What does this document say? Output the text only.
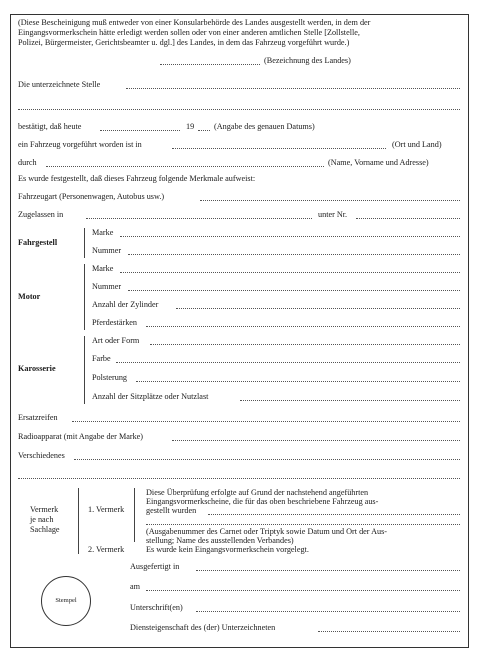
(Diese Bescheinigung muß entweder von einer Konsularbehörde des Landes ausgestellt werden, in dem der
Eingangsvormerkschein hätte erledigt werden sollen oder von einer anderen amtlichen Stelle [Zollstelle,
Polizei, Bürgermeister, Gerichtsbeamter u. dgl.] des Landes, in dem das Fahrzeug vorgeführt wurde.)
(Bezeichnung des Landes)
Die unterzeichnete Stelle
bestätigt, daß heute	19 (Angabe des genauen Datums)
ein Fahrzeug vorgeführt worden ist in	(Ort und Land)
durch	(Name, Vorname und Adresse)
Es wurde festgestellt, daß dieses Fahrzeug folgende Merkmale aufweist:
Fahrzeugart (Personenwagen, Autobus usw.)
Zugelassen in	unter Nr.
Fahrgestell
Marke
Nummer
Motor
Marke
Nummer
Anzahl der Zylinder
Pferdestärken
Karosserie
Art oder Form
Farbe
Polsterung
Anzahl der Sitzplätze oder Nutzlast
Ersatzreifen
Radioapparat (mit Angabe der Marke)
Verschiedenes
Vermerk
je nach
Sachlage
1. Vermerk
Diese Überprüfung erfolgte auf Grund der nachstehend angeführten
Eingangsvormerkscheine, die für das oben beschriebene Fahrzeug aus-
gestellt wurden
(Ausgabenummer des Carnet oder Triptyk sowie Datum und Ort der Aus-
stellung; Name des ausstellenden Verbandes)
2. Vermerk	Es wurde kein Eingangsvormerkschein vorgelegt.
Ausgefertigt in
am
Unterschrift(en)
Diensteigenschaft des (der) Unterzeichneten
Stempel
